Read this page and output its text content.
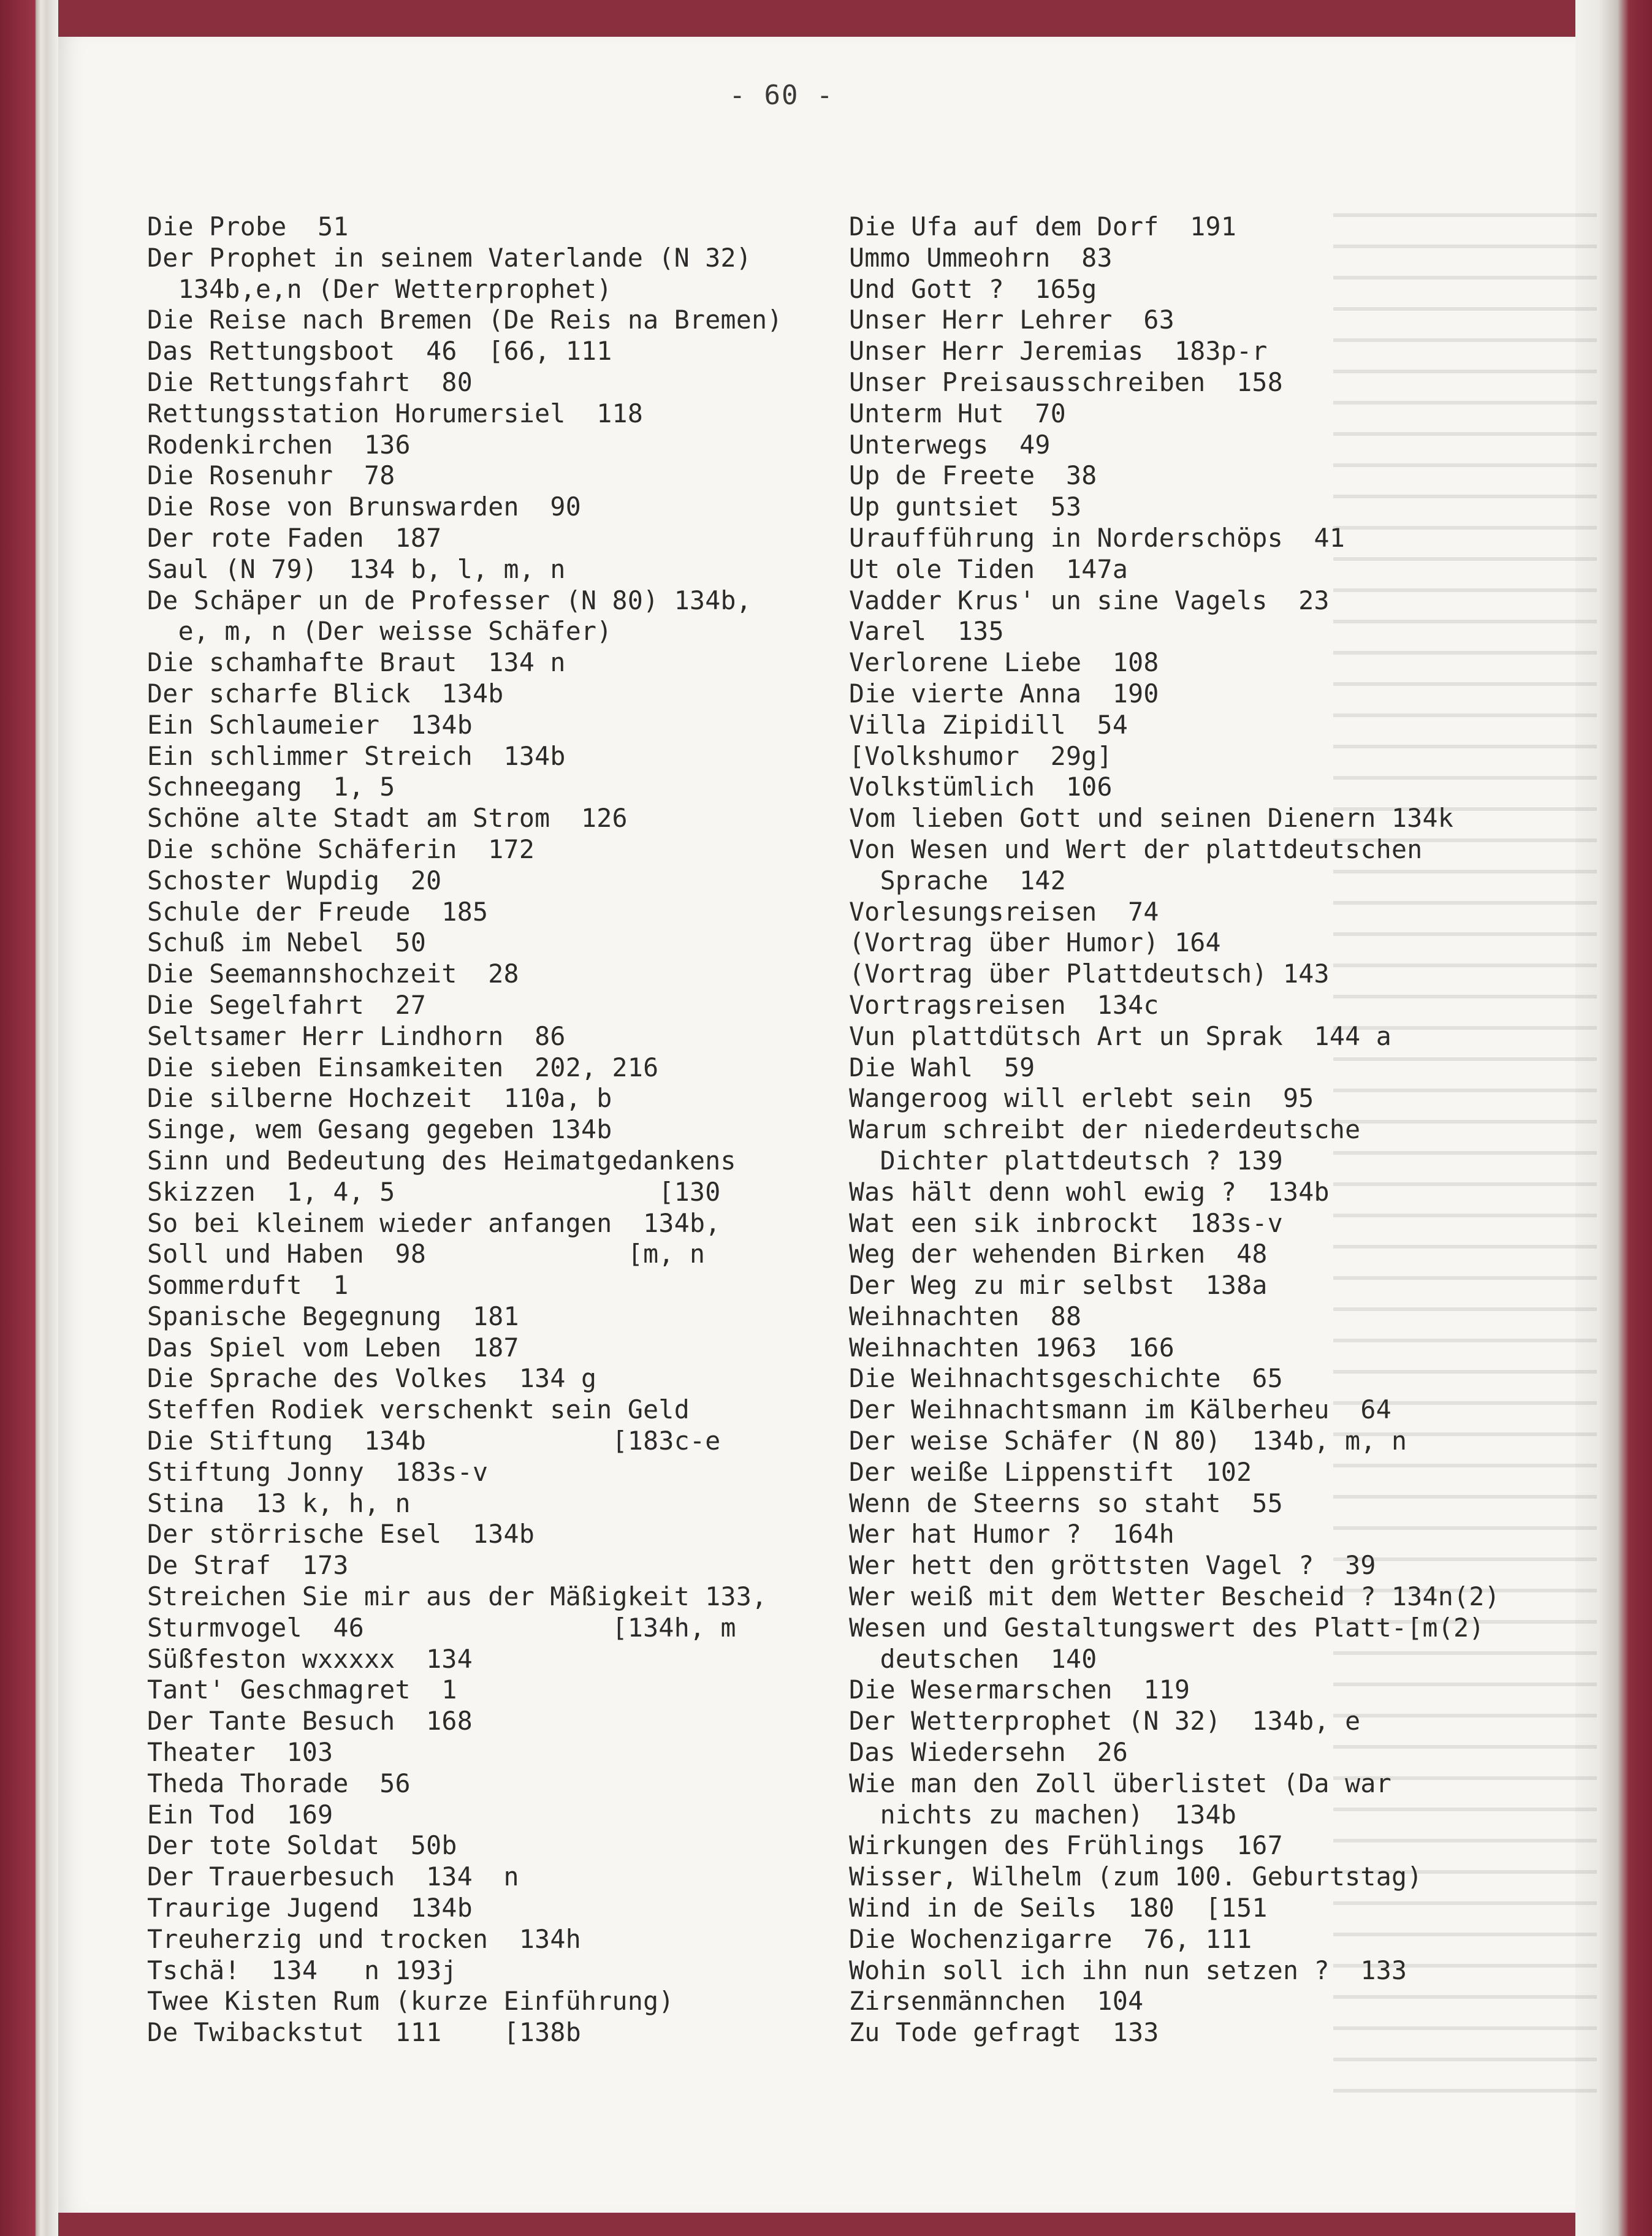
- 60 -
Die Probe  51
Der Prophet in seinem Vaterlande (N 32)
134b,e,n (Der Wetterprophet)
Die Reise nach Bremen (De Reis na Bremen)
Das Rettungsboot  46  [66, 111
Die Rettungsfahrt  80
Rettungsstation Horumersiel  118
Rodenkirchen  136
Die Rosenuhr  78
Die Rose von Brunswarden  90
Der rote Faden  187
Saul (N 79)  134 b, l, m, n
De Schäper un de Professer (N 80) 134b,
e, m, n (Der weisse Schäfer)
Die schamhafte Braut  134 n
Der scharfe Blick  134b
Ein Schlaumeier  134b
Ein schlimmer Streich  134b
Schneegang  1, 5
Schöne alte Stadt am Strom  126
Die schöne Schäferin  172
Schoster Wupdig  20
Schule der Freude  185
Schuß im Nebel  50
Die Seemannshochzeit  28
Die Segelfahrt  27
Seltsamer Herr Lindhorn  86
Die sieben Einsamkeiten  202, 216
Die silberne Hochzeit  110a, b
Singe, wem Gesang gegeben 134b
Sinn und Bedeutung des Heimatgedankens
Skizzen  1, 4, 5                 [130
So bei kleinem wieder anfangen  134b,
Soll und Haben  98             [m, n
Sommerduft  1
Spanische Begegnung  181
Das Spiel vom Leben  187
Die Sprache des Volkes  134 g
Steffen Rodiek verschenkt sein Geld
Die Stiftung  134b            [183c-e
Stiftung Jonny  183s-v
Stina  13 k, h, n
Der störrische Esel  134b
De Straf  173
Streichen Sie mir aus der Mäßigkeit 133,
Sturmvogel  46                [134h, m
Süßfeston wxxxxx  134
Tant' Geschmagret  1
Der Tante Besuch  168
Theater  103
Theda Thorade  56
Ein Tod  169
Der tote Soldat  50b
Der Trauerbesuch  134  n
Traurige Jugend  134b
Treuherzig und trocken  134h
Tschä!  134   n 193j
Twee Kisten Rum (kurze Einführung)
De Twibackstut  111    [138b
Die Ufa auf dem Dorf  191
Ummo Ummeohrn  83
Und Gott ?  165g
Unser Herr Lehrer  63
Unser Herr Jeremias  183p-r
Unser Preisausschreiben  158
Unterm Hut  70
Unterwegs  49
Up de Freete  38
Up guntsiet  53
Uraufführung in Norderschöps  41
Ut ole Tiden  147a
Vadder Krus' un sine Vagels  23
Varel  135
Verlorene Liebe  108
Die vierte Anna  190
Villa Zipidill  54
[Volkshumor  29g]
Volkstümlich  106
Vom lieben Gott und seinen Dienern 134k
Von Wesen und Wert der plattdeutschen
Sprache  142
Vorlesungsreisen  74
(Vortrag über Humor) 164
(Vortrag über Plattdeutsch) 143
Vortragsreisen  134c
Vun plattdütsch Art un Sprak  144 a
Die Wahl  59
Wangeroog will erlebt sein  95
Warum schreibt der niederdeutsche
Dichter plattdeutsch ? 139
Was hält denn wohl ewig ?  134b
Wat een sik inbrockt  183s-v
Weg der wehenden Birken  48
Der Weg zu mir selbst  138a
Weihnachten  88
Weihnachten 1963  166
Die Weihnachtsgeschichte  65
Der Weihnachtsmann im Kälberheu  64
Der weise Schäfer (N 80)  134b, m, n
Der weiße Lippenstift  102
Wenn de Steerns so staht  55
Wer hat Humor ?  164h
Wer hett den gröttsten Vagel ?  39
Wer weiß mit dem Wetter Bescheid ? 134n(2)
Wesen und Gestaltungswert des Platt-[m(2)
deutschen  140
Die Wesermarschen  119
Der Wetterprophet (N 32)  134b, e
Das Wiedersehn  26
Wie man den Zoll überlistet (Da war
nichts zu machen)  134b
Wirkungen des Frühlings  167
Wisser, Wilhelm (zum 100. Geburtstag)
Wind in de Seils  180  [151
Die Wochenzigarre  76, 111
Wohin soll ich ihn nun setzen ?  133
Zirsenmännchen  104
Zu Tode gefragt  133
